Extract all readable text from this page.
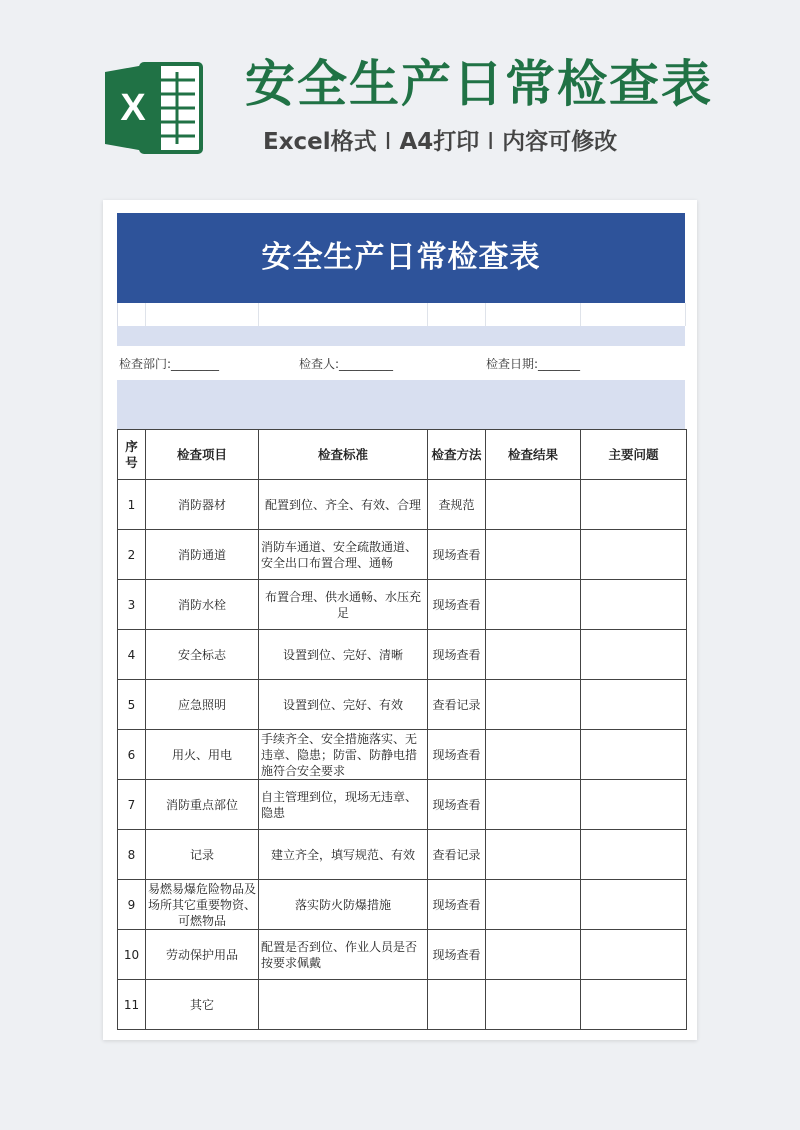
X 安全生产日常检查表
Excel格式 I A4打印 I 内容可修改
安全生产日常检查表
检查部门:________	检查人:_________	检查日期:_______
序号	检查项目	检查标准	检查方法	检查结果	主要问题
1	消防器材	配置到位、齐全、有效、合理	查规范		
2	消防通道	消防车通道、安全疏散通道、安全出口布置合理、通畅	现场查看		
3	消防水栓	布置合理、供水通畅、水压充足	现场查看		
4	安全标志	设置到位、完好、清晰	现场查看		
5	应急照明	设置到位、完好、有效	查看记录		
6	用火、用电	手续齐全、安全措施落实、无违章、隐患；防雷、防静电措施符合安全要求	现场查看		
7	消防重点部位	自主管理到位，现场无违章、隐患	现场查看		
8	记录	建立齐全，填写规范、有效	查看记录		
9	易燃易爆危险物品及场所其它重要物资、可燃物品	落实防火防爆措施	现场查看		
10	劳动保护用品	配置是否到位、作业人员是否按要求佩戴	现场查看		
11	其它				
